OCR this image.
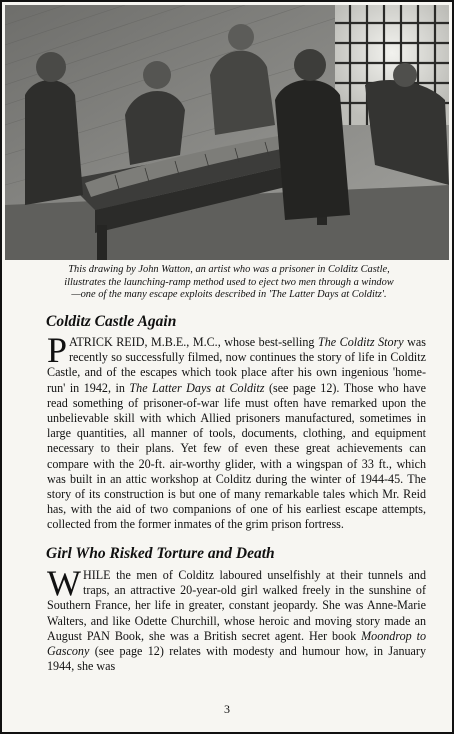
This drawing by John Watton, an artist who was a prisoner in Colditz Castle,
illustrates the launching-ramp method used to eject two men through a window
—one of the many escape exploits described in 'The Latter Days at Colditz'.
Colditz Castle Again
PATRICK REID, M.B.E., M.C., whose best-selling The Colditz Story was recently so successfully filmed, now continues the story of life in Colditz Castle, and of the escapes which took place after his own ingenious 'home-run' in 1942, in The Latter Days at Colditz (see page 12). Those who have read something of prisoner-of-war life must often have remarked upon the unbelievable skill with which Allied prisoners manufactured, sometimes in large quantities, all manner of tools, documents, clothing, and equipment necessary to their plans. Yet few of even these great achievements can compare with the 20-ft. air-worthy glider, with a wingspan of 33 ft., which was built in an attic workshop at Colditz during the winter of 1944-45. The story of its construction is but one of many remarkable tales which Mr. Reid has, with the aid of two companions of one of his earliest escape attempts, collected from the former inmates of the grim prison fortress.
Girl Who Risked Torture and Death
WHILE the men of Colditz laboured unselfishly at their tunnels and traps, an attractive 20-year-old girl walked freely in the sunshine of Southern France, her life in greater, constant jeopardy. She was Anne-Marie Walters, and like Odette Churchill, whose heroic and moving story made an August PAN Book, she was a British secret agent. Her book Moondrop to Gascony (see page 12) relates with modesty and humour how, in January 1944, she was
3
